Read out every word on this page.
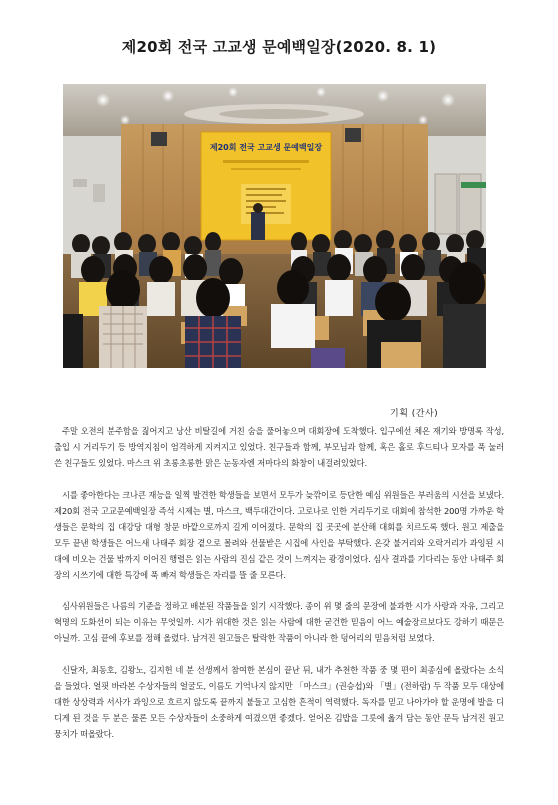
제20회 전국 고교생 문예백일장(2020. 8. 1)
제20회 전국 고교생 문예백일장
기획 (간사)

주말 오전의 분주함을 짊어지고 낭산 비탈길에 거친 숨을 풀어놓으며 대회장에 도착했다. 입구에선 체온 재기와 방명록 작성, 출입 시 거리두기 등 방역지침이 엄격하게 지켜지고 있었다. 친구들과 함께, 부모님과 함께, 혹은 홀로 후드티나 모자를 푹 눌러쓴 친구들도 있었다. 마스크 위 초롱초롱한 맑은 눈동자엔 저마다의 화창이 내걸려있었다.

시를 좋아한다는 크나큰 재능을 일찍 발견한 학생들을 보면서 모두가 늦깎이로 등단한 예심 위원들은 부러움의 시선을 보냈다. 제20회 전국 고교문예백일장 즉석 시제는 별, 마스크, 백두대간이다. 고로나로 인한 거리두기로 대회에 참석한 200명 가까운 학생들은 문학의 집 대강당 대형 창문 바깥으로까지 길게 이어졌다. 문학의 집 곳곳에 분산해 대회를 치르도록 했다. 원고 제출을 모두 끝낸 학생들은 어느새 나태주 회장 곁으로 몰려와 선물받은 시집에 사인을 부탁했다. 온갖 불거리와 오락거리가 과잉된 시대에 비오는 건물 밖까지 이어진 행렬은 읽는 사람의 진심 같은 것이 느껴지는 광경이었다. 심사 결과를 기다리는 동안 나태주 회장의 시쓰기에 대한 특강에 푹 빠져 학생들은 자리를 뜰 줄 모른다.

심사위원들은 나름의 기준을 정하고 배분된 작품들을 읽기 시작했다. 종이 위 몇 줄의 문장에 불과한 시가 사랑과 자유, 그리고 혁명의 도화선이 되는 이유는 무엇일까. 시가 위대한 것은 읽는 사람에 대한 굳건한 믿음이 어느 예술장르보다도 강하기 때문은 아닐까. 고심 끝에 후보를 정해 올렸다. 남겨진 원고들은 탈락한 작품이 아니라 한 덩어리의 믿음처럼 보였다.

신달자, 최동호, 김왕노, 김지헌 네 분 선생께서 참여한 본심이 끝난 뒤, 내가 추천한 작품 중 몇 편이 최종심에 올랐다는 소식을 들었다. 얼핏 바라본 수상자들의 얼굴도, 이름도 기억나지 않지만 「마스크」(권승섭)와 「별」(전하람) 두 작품 모두 대상에 대한 상상력과 서사가 과잉으로 흐르지 않도록 끝까지 붙들고 고심한 흔적이 역력했다. 독자를 믿고 나아가야 할 운명에 발을 디디게 된 것을 두 분은 물론 모든 수상자들이 소중하게 여겼으면 좋겠다. 얻어온 김밥을 그릇에 옮겨 담는 동안 문득 남겨진 원고 뭉치가 떠올랐다.
